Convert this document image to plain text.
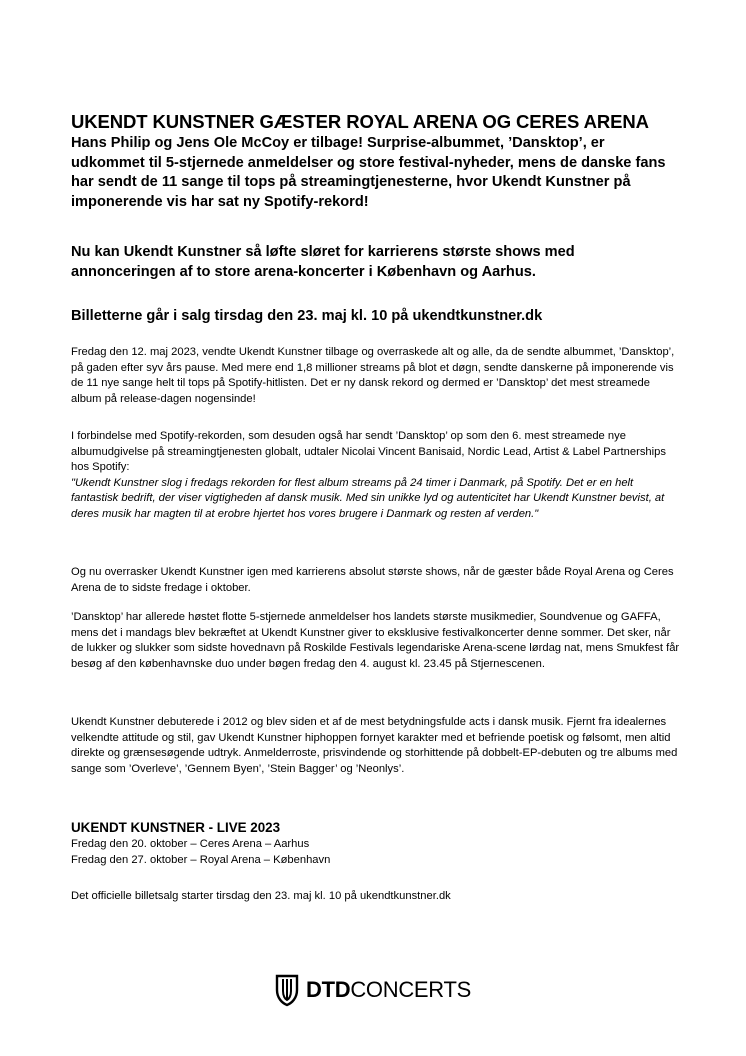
UKENDT KUNSTNER GÆSTER ROYAL ARENA OG CERES ARENA

Hans Philip og Jens Ole McCoy er tilbage! Surprise-albummet, ’Dansktop’, er udkommet til 5-stjernede anmeldelser og store festival-nyheder, mens de danske fans har sendt de 11 sange til tops på streamingtjenesterne, hvor Ukendt Kunstner på imponerende vis har sat ny Spotify-rekord!

Nu kan Ukendt Kunstner så løfte sløret for karrierens største shows med annonceringen af to store arena-koncerter i København og Aarhus.

Billetterne går i salg tirsdag den 23. maj kl. 10 på ukendtkunstner.dk

Fredag den 12. maj 2023, vendte Ukendt Kunstner tilbage og overraskede alt og alle, da de sendte albummet, ’Dansktop’, på gaden efter syv års pause. Med mere end 1,8 millioner streams på blot et døgn, sendte danskerne på imponerende vis de 11 nye sange helt til tops på Spotify-hitlisten. Det er ny dansk rekord og dermed er ’Dansktop’ det mest streamede album på release-dagen nogensinde!

I forbindelse med Spotify-rekorden, som desuden også har sendt ’Dansktop’ op som den 6. mest streamede nye albumudgivelse på streamingtjenesten globalt, udtaler Nicolai Vincent Banisaid, Nordic Lead, Artist & Label Partnerships hos Spotify:
"Ukendt Kunstner slog i fredags rekorden for flest album streams på 24 timer i Danmark, på Spotify. Det er en helt fantastisk bedrift, der viser vigtigheden af dansk musik. Med sin unikke lyd og autenticitet har Ukendt Kunstner bevist, at deres musik har magten til at erobre hjertet hos vores brugere i Danmark og resten af verden."

Og nu overrasker Ukendt Kunstner igen med karrierens absolut største shows, når de gæster både Royal Arena og Ceres Arena de to sidste fredage i oktober.

’Dansktop’ har allerede høstet flotte 5-stjernede anmeldelser hos landets største musikmedier, Soundvenue og GAFFA, mens det i mandags blev bekræftet at Ukendt Kunstner giver to eksklusive festivalkoncerter denne sommer. Det sker, når de lukker og slukker som sidste hovednavn på Roskilde Festivals legendariske Arena-scene lørdag nat, mens Smukfest får besøg af den københavnske duo under bøgen fredag den 4. august kl. 23.45 på Stjernescenen.

Ukendt Kunstner debuterede i 2012 og blev siden et af de mest betydningsfulde acts i dansk musik. Fjernt fra idealernes velkendte attitude og stil, gav Ukendt Kunstner hiphoppen fornyet karakter med et befriende poetisk og følsomt, men altid direkte og grænsesøgende udtryk. Anmelderroste, prisvindende og storhittende på dobbelt-EP-debuten og tre albums med sange som ’Overleve’, ’Gennem Byen’, ’Stein Bagger’ og ’Neonlys’.

UKENDT KUNSTNER - LIVE 2023
Fredag den 20. oktober – Ceres Arena – Aarhus
Fredag den 27. oktober – Royal Arena – København
Det officielle billetsalg starter tirsdag den 23. maj kl. 10 på ukendtkunstner.dk
DTDCONCERTS
